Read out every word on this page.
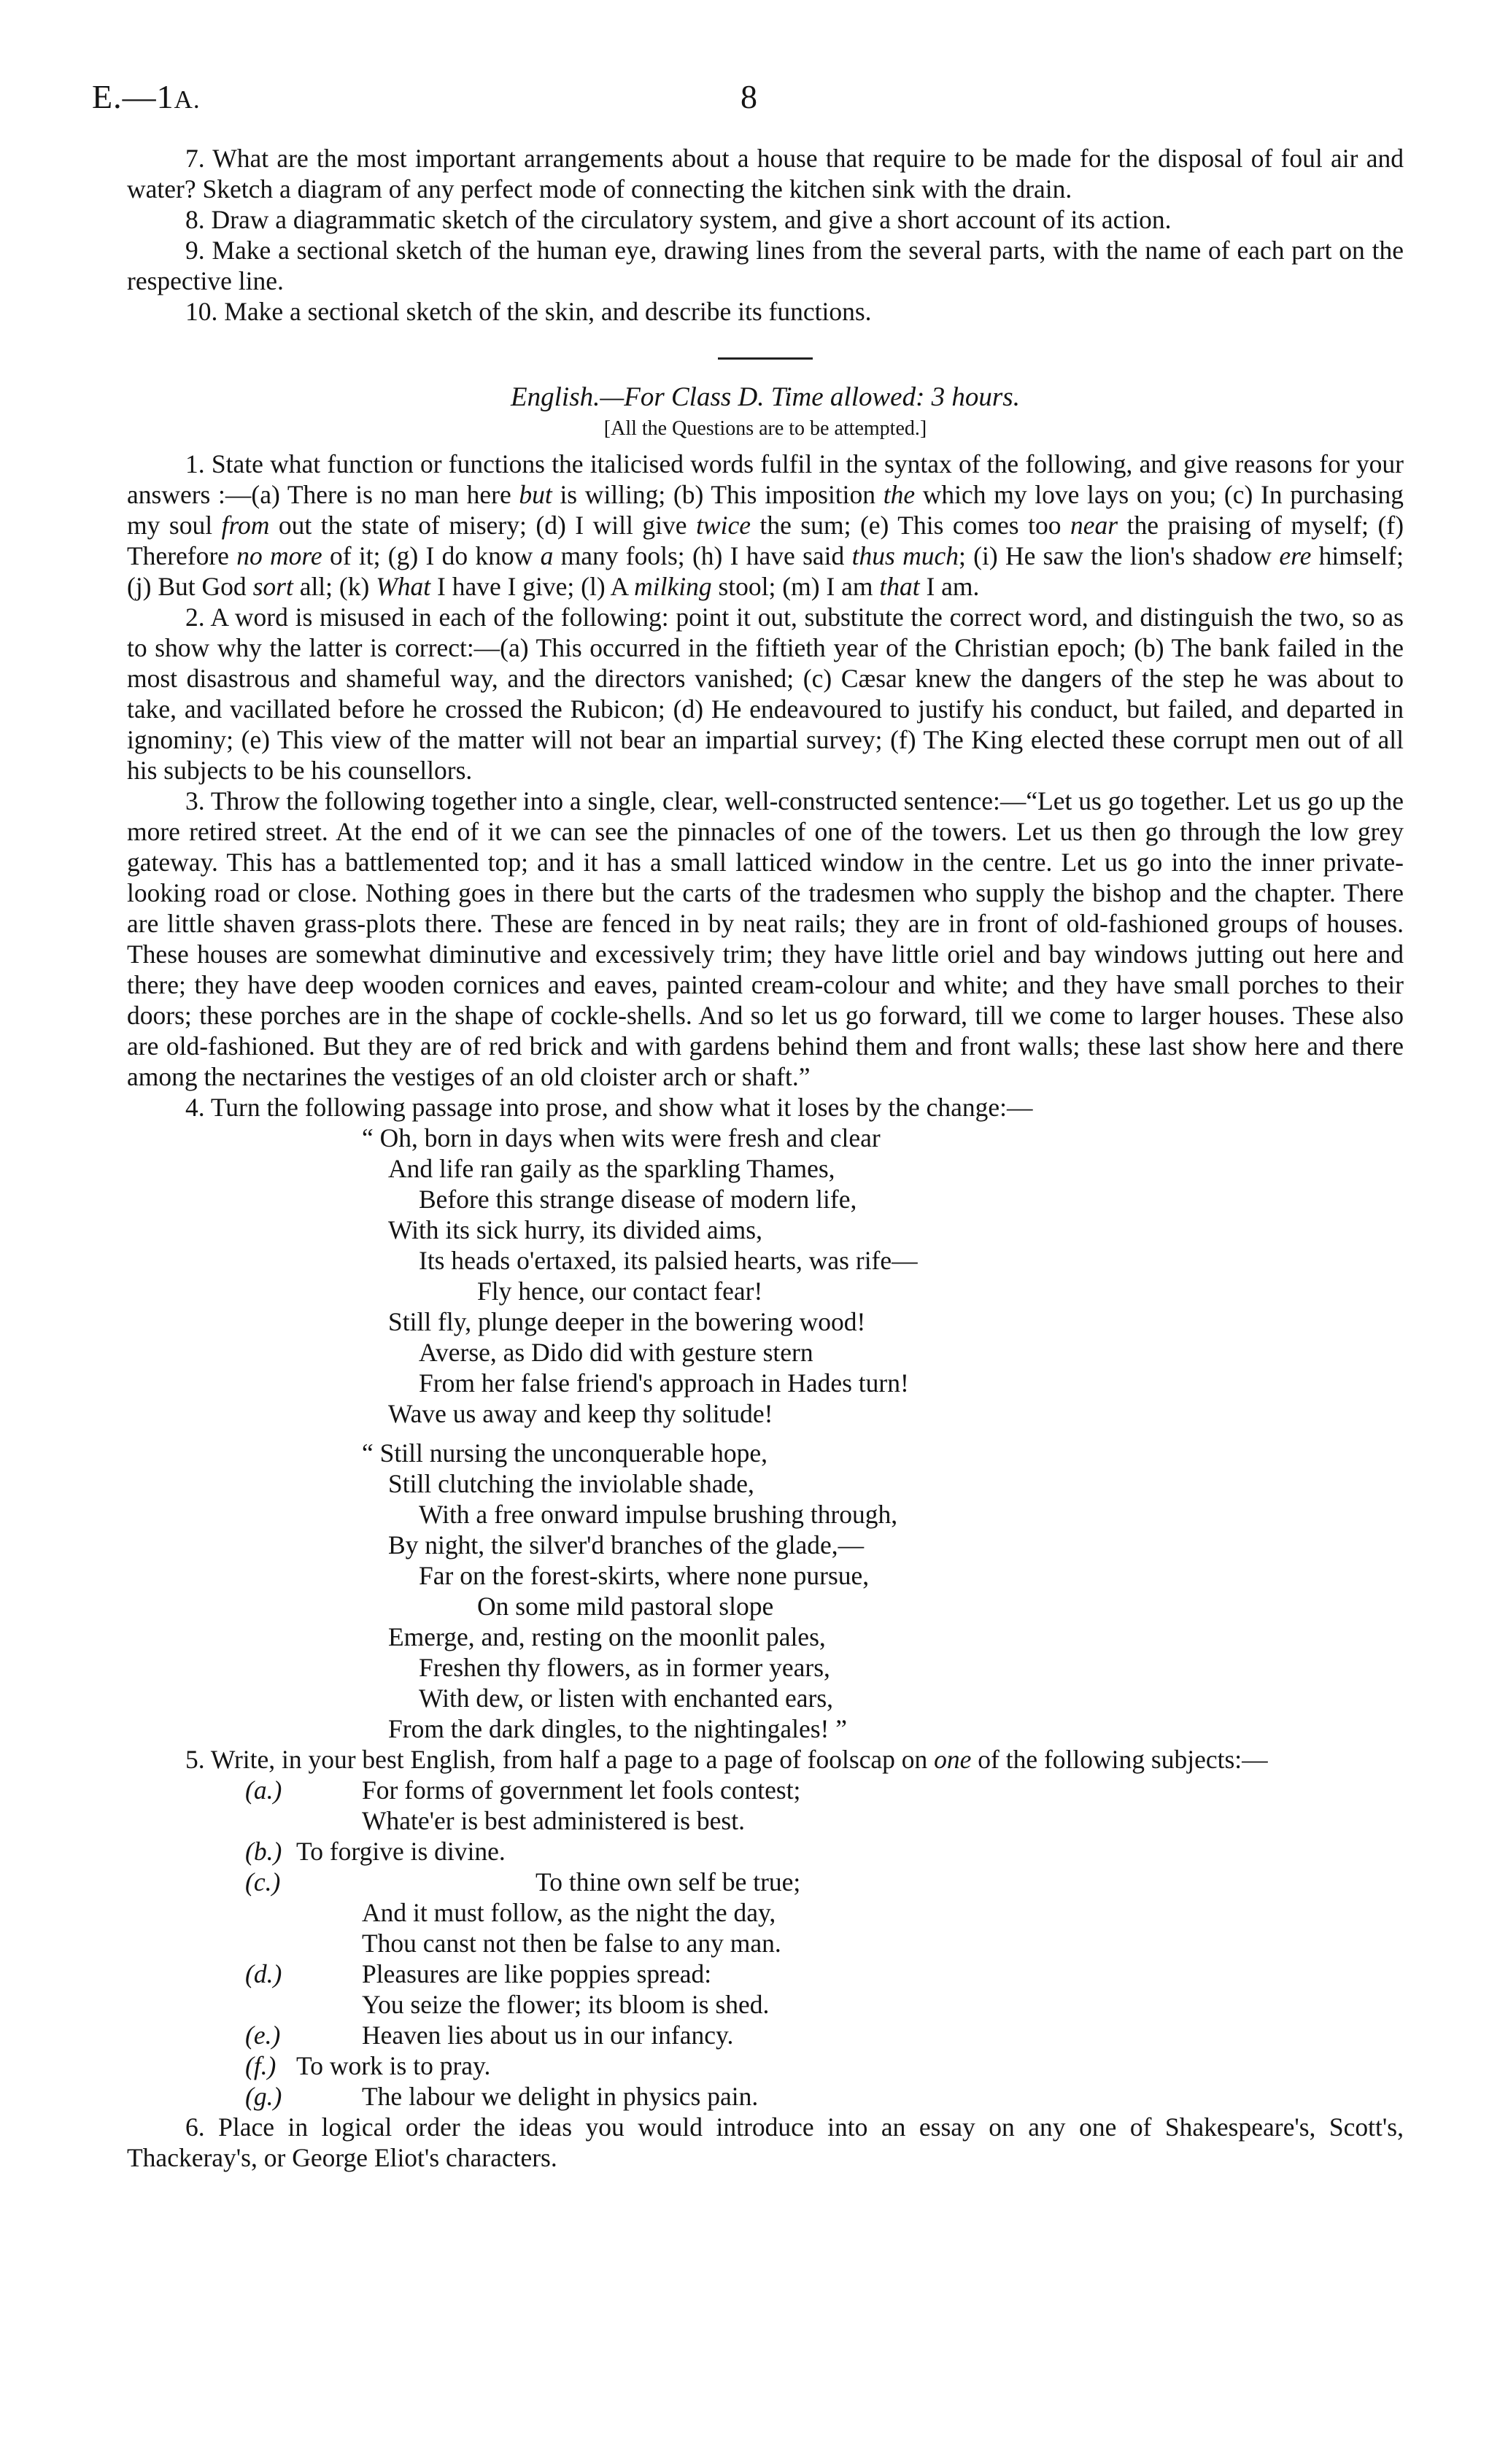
E.—1A.	8

7. What are the most important arrangements about a house that require to be made for the disposal of foul air and water? Sketch a diagram of any perfect mode of connecting the kitchen sink with the drain.

8. Draw a diagrammatic sketch of the circulatory system, and give a short account of its action.

9. Make a sectional sketch of the human eye, drawing lines from the several parts, with the name of each part on the respective line.

10. Make a sectional sketch of the skin, and describe its functions.

English.—For Class D. Time allowed: 3 hours.

[All the Questions are to be attempted.]

1. State what function or functions the italicised words fulfil in the syntax of the following, and give reasons for your answers :—(a) There is no man here but is willing; (b) This imposition the which my love lays on you; (c) In purchasing my soul from out the state of misery; (d) I will give twice the sum; (e) This comes too near the praising of myself; (f) Therefore no more of it; (g) I do know a many fools; (h) I have said thus much; (i) He saw the lion's shadow ere himself; (j) But God sort all; (k) What I have I give; (l) A milking stool; (m) I am that I am.

2. A word is misused in each of the following: point it out, substitute the correct word, and distinguish the two, so as to show why the latter is correct:—(a) This occurred in the fiftieth year of the Christian epoch; (b) The bank failed in the most disastrous and shameful way, and the directors vanished; (c) Cæsar knew the dangers of the step he was about to take, and vacillated before he crossed the Rubicon; (d) He endeavoured to justify his conduct, but failed, and departed in ignominy; (e) This view of the matter will not bear an impartial survey; (f) The King elected these corrupt men out of all his subjects to be his counsellors.

3. Throw the following together into a single, clear, well-constructed sentence:—“Let us go together. Let us go up the more retired street. At the end of it we can see the pinnacles of one of the towers. Let us then go through the low grey gateway. This has a battlemented top; and it has a small latticed window in the centre. Let us go into the inner private-looking road or close. Nothing goes in there but the carts of the tradesmen who supply the bishop and the chapter. There are little shaven grass-plots there. These are fenced in by neat rails; they are in front of old-fashioned groups of houses. These houses are somewhat diminutive and excessively trim; they have little oriel and bay windows jutting out here and there; they have deep wooden cornices and eaves, painted cream-colour and white; and they have small porches to their doors; these porches are in the shape of cockle-shells. And so let us go forward, till we come to larger houses. These also are old-fashioned. But they are of red brick and with gardens behind them and front walls; these last show here and there among the nectarines the vestiges of an old cloister arch or shaft.”

4. Turn the following passage into prose, and show what it loses by the change:—

“ Oh, born in days when wits were fresh and clear

And life ran gaily as the sparkling Thames,

Before this strange disease of modern life,

With its sick hurry, its divided aims,

Its heads o'ertaxed, its palsied hearts, was rife—

Fly hence, our contact fear!

Still fly, plunge deeper in the bowering wood!

Averse, as Dido did with gesture stern

From her false friend's approach in Hades turn!

Wave us away and keep thy solitude!

“ Still nursing the unconquerable hope,

Still clutching the inviolable shade,

With a free onward impulse brushing through,

By night, the silver'd branches of the glade,—

Far on the forest-skirts, where none pursue,

On some mild pastoral slope

Emerge, and, resting on the moonlit pales,

Freshen thy flowers, as in former years,

With dew, or listen with enchanted ears,

From the dark dingles, to the nightingales! ”

5. Write, in your best English, from half a page to a page of foolscap on one of the following subjects:—

(a.)	For forms of government let fools contest;
Whate'er is best administered is best.
(b.) To forgive is divine.
(c.)	To thine own self be true;
And it must follow, as the night the day,
Thou canst not then be false to any man.
(d.)	Pleasures are like poppies spread:
You seize the flower; its bloom is shed.
(e.)	Heaven lies about us in our infancy.
(f.) To work is to pray.
(g.)	The labour we delight in physics pain.

6. Place in logical order the ideas you would introduce into an essay on any one of Shakespeare's, Scott's, Thackeray's, or George Eliot's characters.
